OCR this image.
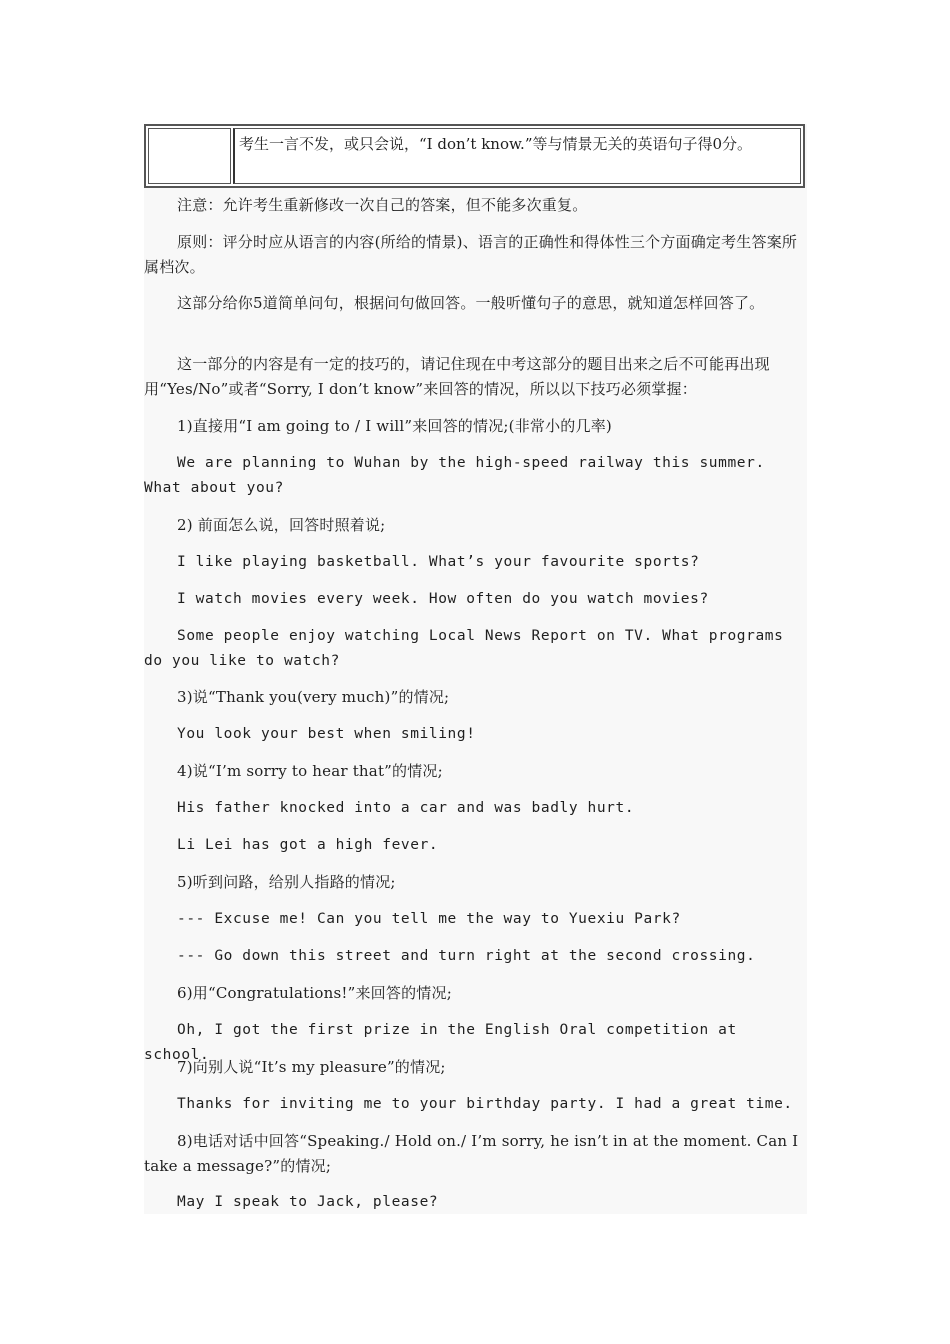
考生一言不发，或只会说，“I don’t know.”等与情景无关的英语句子得0分。

注意：允许考生重新修改一次自己的答案，但不能多次重复。

原则：评分时应从语言的内容(所给的情景)、语言的正确性和得体性三个方面确定考生答案所属档次。

这部分给你5道简单问句，根据问句做回答。一般听懂句子的意思，就知道怎样回答了。

这一部分的内容是有一定的技巧的，请记住现在中考这部分的题目出来之后不可能再出现用“Yes/No”或者“Sorry, I don’t know”来回答的情况，所以以下技巧必须掌握：

1)直接用“I am going to / I will”来回答的情况;(非常小的几率)

We are planning to Wuhan by the high-speed railway this summer. What about you?

2) 前面怎么说，回答时照着说;

I like playing basketball. What’s your favourite sports?

I watch movies every week. How often do you watch movies?

Some people enjoy watching Local News Report on TV. What programs do you like to watch?

3)说“Thank you(very much)”的情况;

You look your best when smiling!

4)说“I’m sorry to hear that”的情况;

His father knocked into a car and was badly hurt.

Li Lei has got a high fever.

5)听到问路，给别人指路的情况;

--- Excuse me! Can you tell me the way to Yuexiu Park?

--- Go down this street and turn right at the second crossing.

6)用“Congratulations!”来回答的情况;

Oh, I got the first prize in the English Oral competition at school.

7)向别人说“It’s my pleasure”的情况;

Thanks for inviting me to your birthday party. I had a great time.

8)电话对话中回答“Speaking./ Hold on./ I’m sorry, he isn’t in at the moment. Can I take a message?”的情况;

May I speak to Jack, please?
